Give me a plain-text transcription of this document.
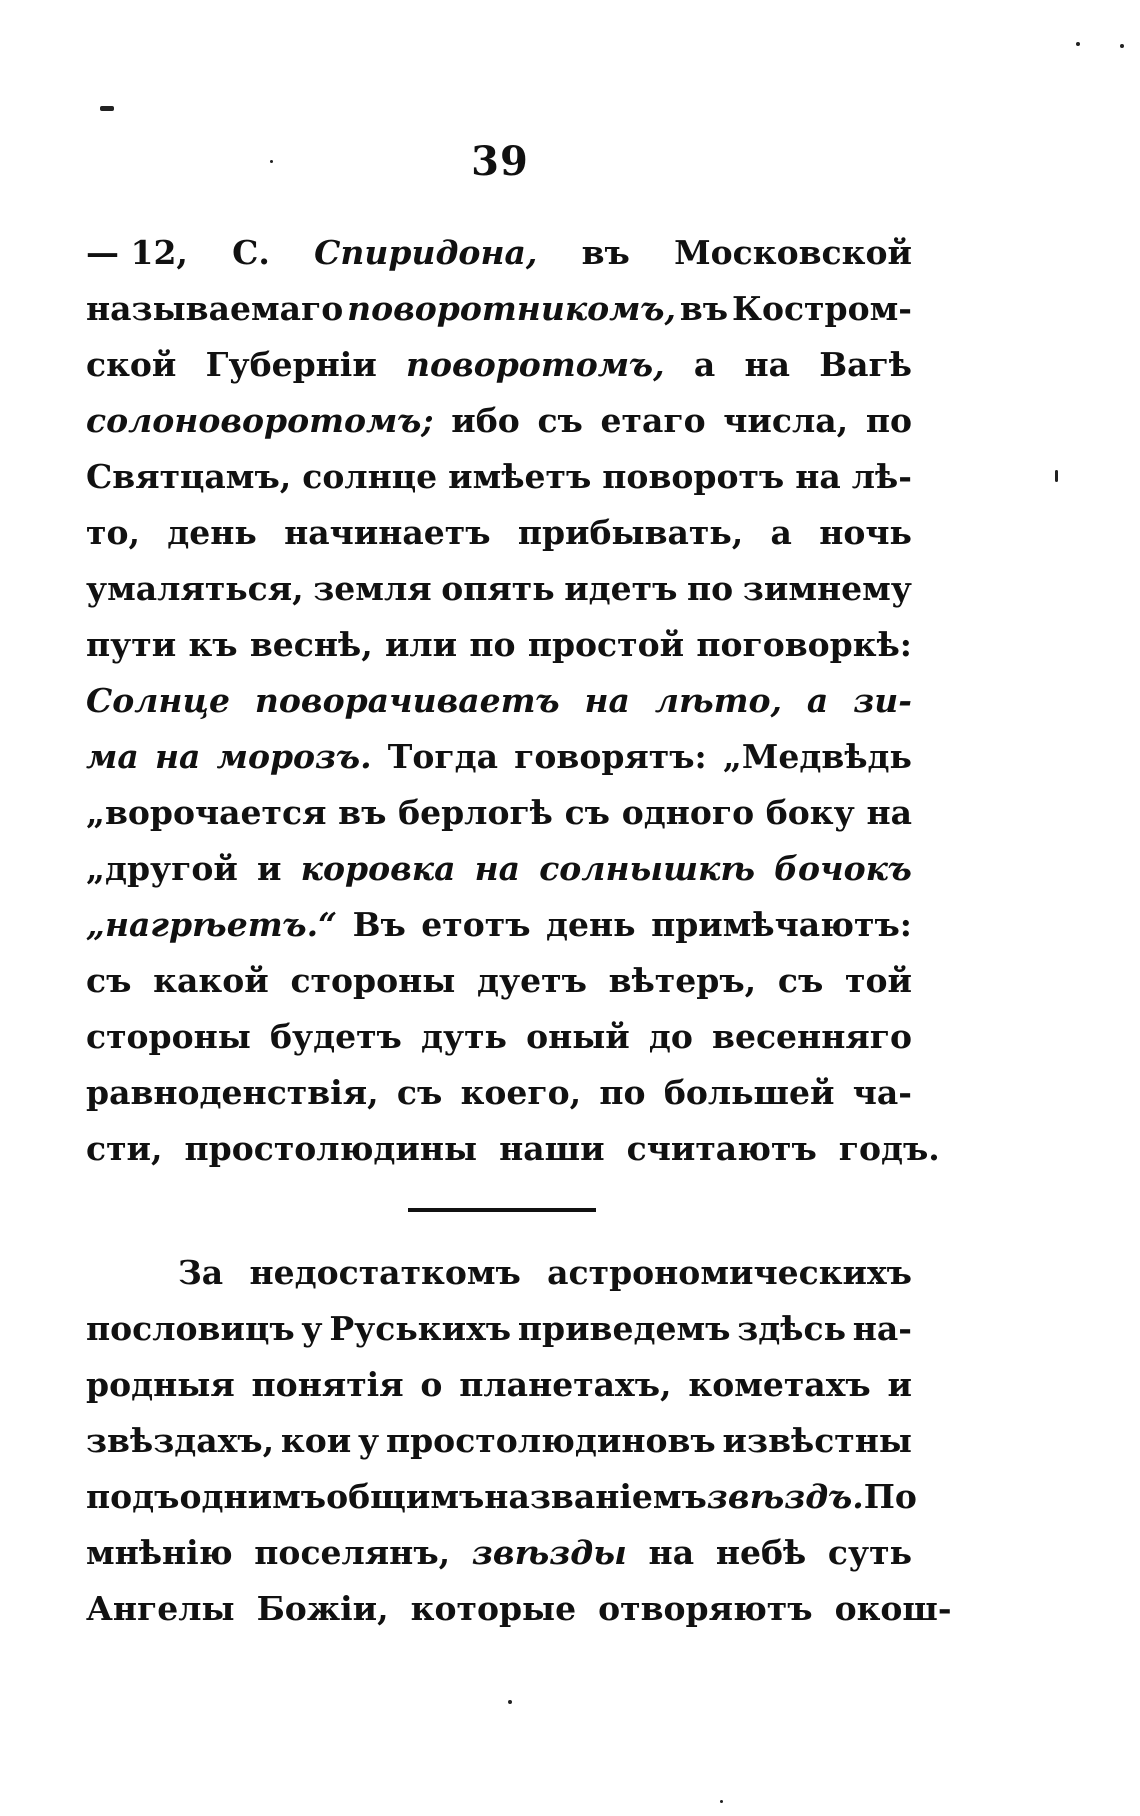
39
— 12, С. Спиридона, въ Московской
называемаго поворотникомъ, въ Костром-
ской Губерніи поворотомъ, а на Вагѣ
солоноворотомъ; ибо съ етаго числа, по
Святцамъ, солнце имѣетъ поворотъ на лѣ-
то, день начинаетъ прибывать, а ночь
умаляться, земля опять идетъ по зимнему
пути къ веснѣ, или по простой поговоркѣ:
Солнце поворачиваетъ на лѣто, а зи-
ма на морозъ. Тогда говорятъ: „Медвѣдь
„ворочается въ берлогѣ съ одного боку на
„другой и коровка на солнышкѣ бочокъ
„нагрѣетъ.“ Въ етотъ день примѣчаютъ:
съ какой стороны дуетъ вѣтеръ, съ той
стороны будетъ дуть оный до весенняго
равноденствія, съ коего, по большей ча-
сти, простолюдины наши считаютъ годъ.
За недостаткомъ астрономическихъ
пословицъ у Руськихъ приведемъ здѣсь на-
родныя понятія о планетахъ, кометахъ и
звѣздахъ, кои у простолюдиновъ извѣстны
подъ однимъ общимъ названіемъ звѣздъ. По
мнѣнію поселянъ, звѣзды на небѣ суть
Ангелы Божіи, которые отворяютъ окош-
